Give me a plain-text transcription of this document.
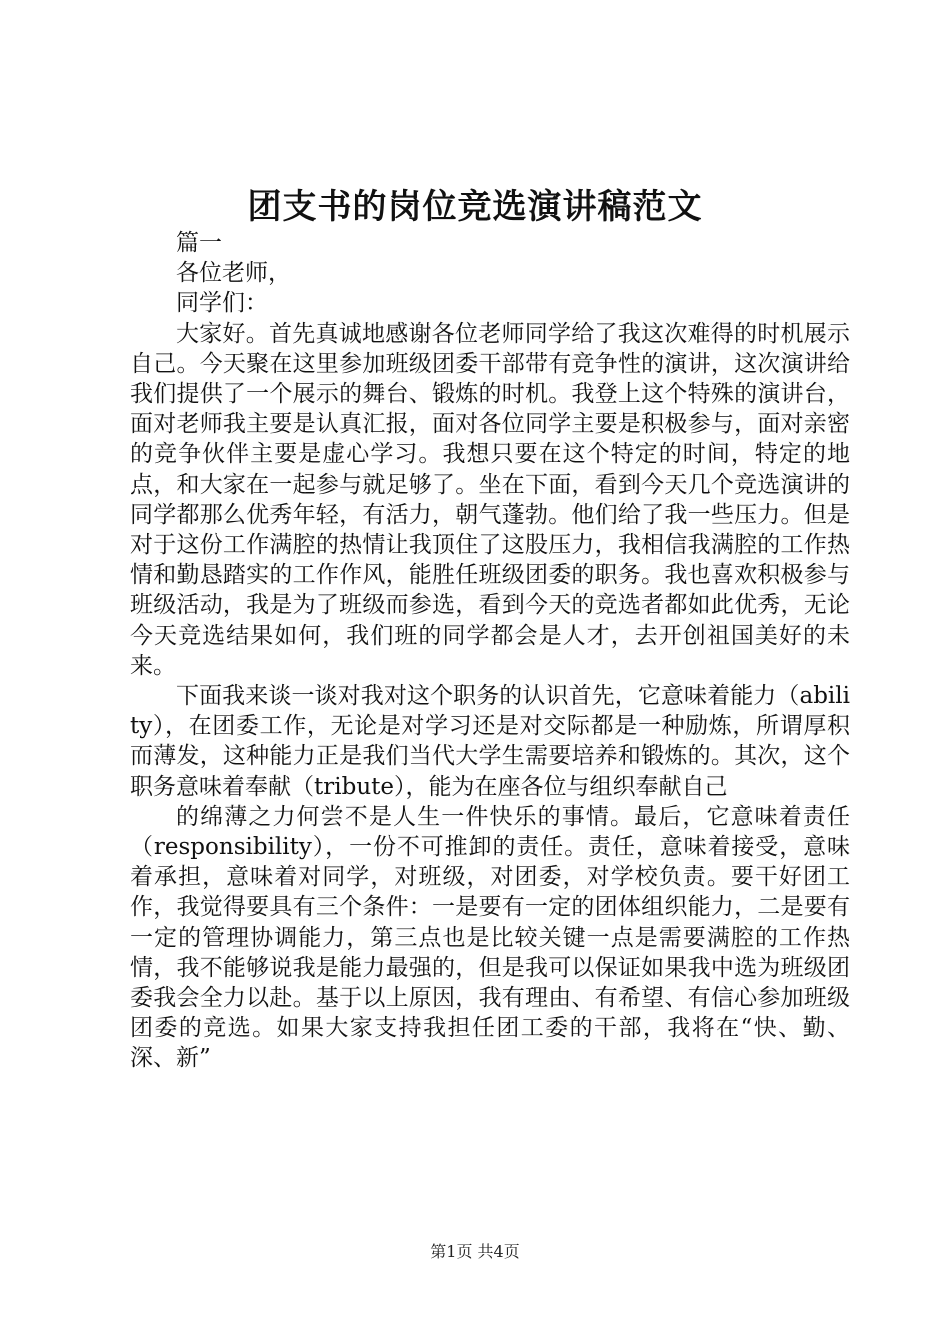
团支书的岗位竞选演讲稿范文

篇一

各位老师，

同学们：

大家好。首先真诚地感谢各位老师同学给了我这次难得的时机展示自己。今天聚在这里参加班级团委干部带有竞争性的演讲，这次演讲给我们提供了一个展示的舞台、锻炼的时机。我登上这个特殊的演讲台，面对老师我主要是认真汇报，面对各位同学主要是积极参与，面对亲密的竞争伙伴主要是虚心学习。我想只要在这个特定的时间，特定的地点，和大家在一起参与就足够了。坐在下面，看到今天几个竞选演讲的同学都那么优秀年轻，有活力，朝气蓬勃。他们给了我一些压力。但是对于这份工作满腔的热情让我顶住了这股压力，我相信我满腔的工作热情和勤恳踏实的工作作风，能胜任班级团委的职务。我也喜欢积极参与班级活动，我是为了班级而参选，看到今天的竞选者都如此优秀，无论今天竞选结果如何，我们班的同学都会是人才，去开创祖国美好的未来。

下面我来谈一谈对我对这个职务的认识首先，它意味着能力（ability），在团委工作，无论是对学习还是对交际都是一种励炼，所谓厚积而薄发，这种能力正是我们当代大学生需要培养和锻炼的。其次，这个职务意味着奉献（tribute），能为在座各位与组织奉献自己

的绵薄之力何尝不是人生一件快乐的事情。最后，它意味着责任（responsibility），一份不可推卸的责任。责任，意味着接受，意味着承担，意味着对同学，对班级，对团委，对学校负责。要干好团工作，我觉得要具有三个条件：一是要有一定的团体组织能力，二是要有一定的管理协调能力，第三点也是比较关键一点是需要满腔的工作热情，我不能够说我是能力最强的，但是我可以保证如果我中选为班级团委我会全力以赴。基于以上原因，我有理由、有希望、有信心参加班级团委的竞选。如果大家支持我担任团工委的干部，我将在“快、勤、深、新”

第1页 共4页
